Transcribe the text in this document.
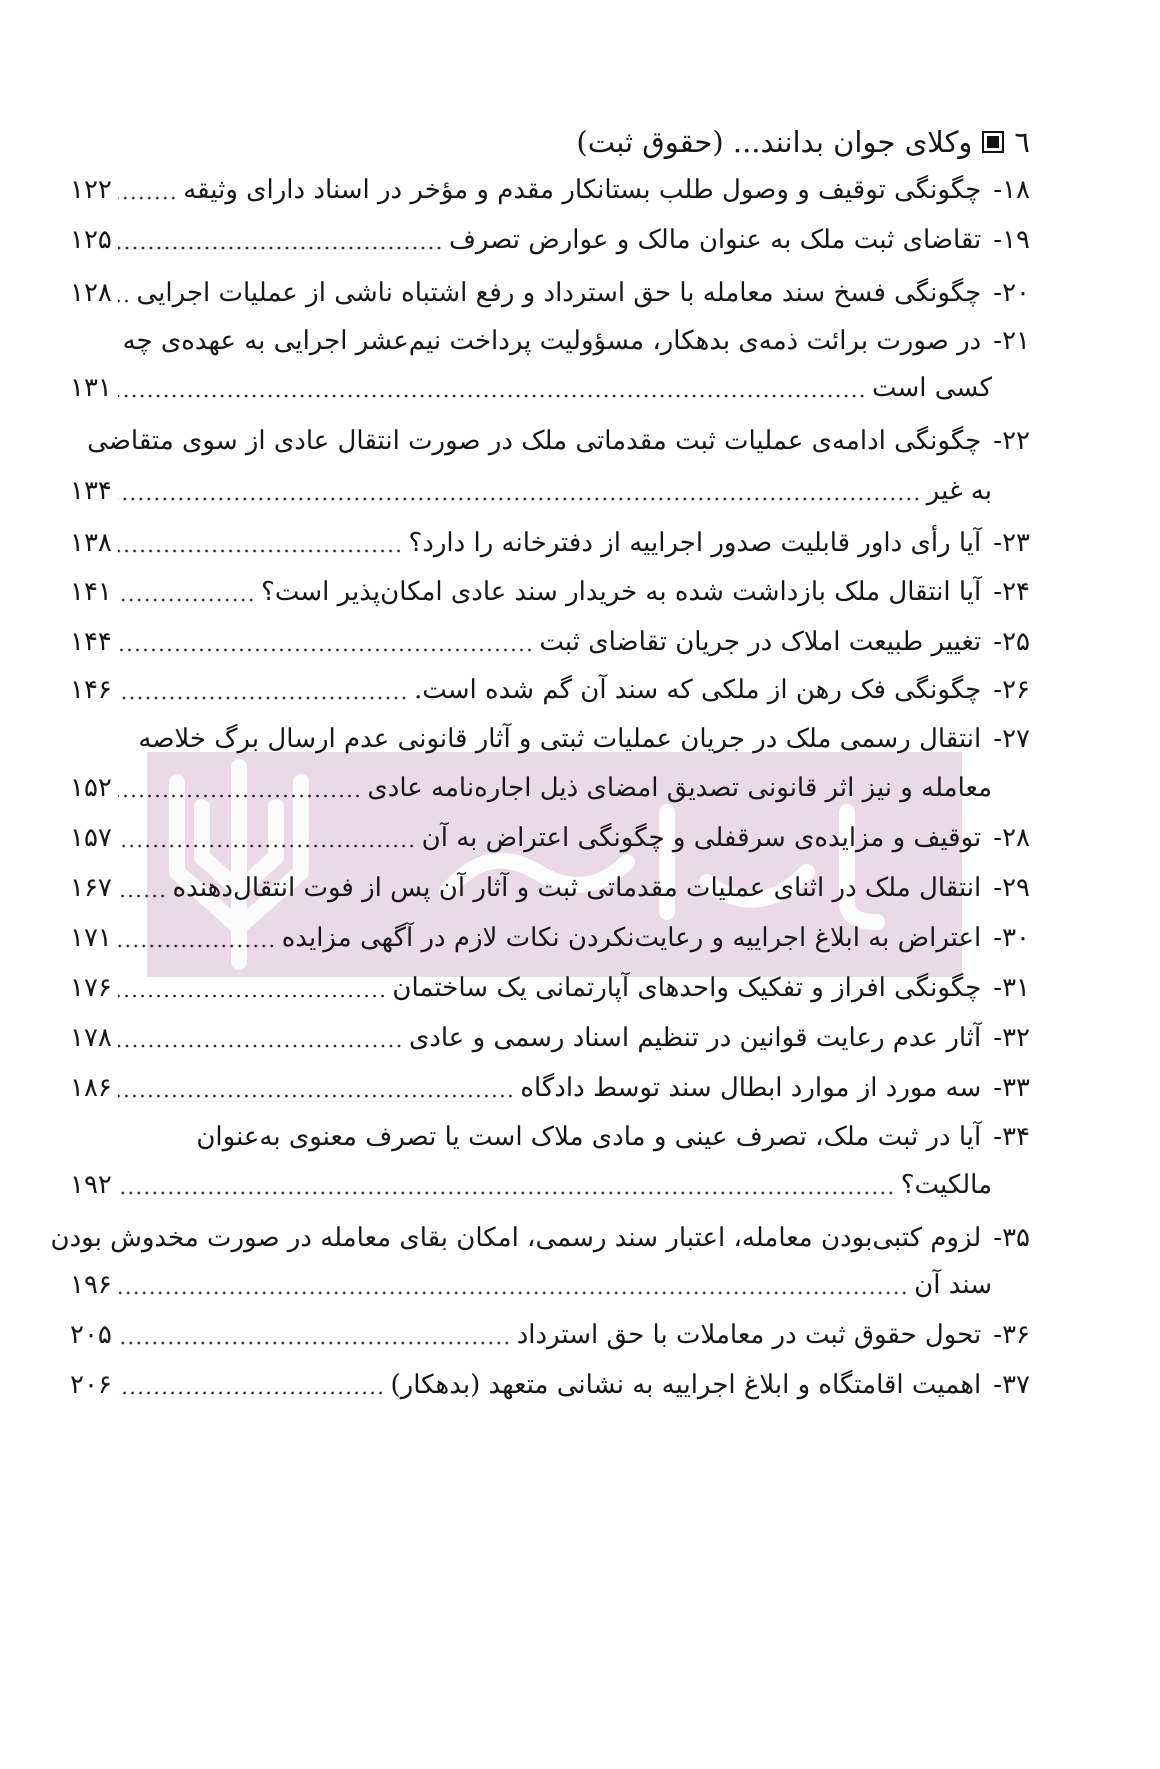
٦
وکلای جوان بدانند... (حقوق ثبت)
۱۸-
چگونگی توقیف و وصول طلب بستانکار مقدم و مؤخر در اسناد دارای وثیقه
۱۲۲
۱۹-
تقاضای ثبت ملک به عنوان مالک و عوارض تصرف
۱۲۵
۲۰-
چگونگی فسخ سند معامله با حق استرداد و رفع اشتباه ناشی از عملیات اجرایی
۱۲۸
۲۱-
در صورت برائت ذمه‌ی بدهکار، مسؤولیت پرداخت نیم‌عشر اجرایی به عهده‌ی چه
کسی است
۱۳۱
۲۲-
چگونگی ادامه‌ی عملیات ثبت مقدماتی ملک در صورت انتقال عادی از سوی متقاضی
به غیر
۱۳۴
۲۳-
آیا رأی داور قابلیت صدور اجراییه از دفترخانه را دارد؟
۱۳۸
۲۴-
آیا انتقال ملک بازداشت شده به خریدار سند عادی امکان‌پذیر است؟
۱۴۱
۲۵-
تغییر طبیعت املاک در جریان تقاضای ثبت
۱۴۴
۲۶-
چگونگی فک رهن از ملکی که سند آن گم شده است.
۱۴۶
۲۷-
انتقال رسمی ملک در جریان عملیات ثبتی و آثار قانونی عدم ارسال برگ خلاصه
معامله و نیز اثر قانونی تصدیق امضای ذیل اجاره‌نامه عادی
۱۵۲
۲۸-
توقیف و مزایده‌ی سرقفلی و چگونگی اعتراض به آن
۱۵۷
۲۹-
انتقال ملک در اثنای عملیات مقدماتی ثبت و آثار آن پس از فوت انتقال‌دهنده
۱۶۷
۳۰-
اعتراض به ابلاغ اجراییه و رعایت‌نکردن نکات لازم در آگهی مزایده
۱۷۱
۳۱-
چگونگی افراز و تفکیک واحدهای آپارتمانی یک ساختمان
۱۷۶
۳۲-
آثار عدم رعایت قوانین در تنظیم اسناد رسمی و عادی
۱۷۸
۳۳-
سه مورد از موارد ابطال سند توسط دادگاه
۱۸۶
۳۴-
آیا در ثبت ملک، تصرف عینی و مادی ملاک است یا تصرف معنوی به‌عنوان
مالکیت؟
۱۹۲
۳۵-
لزوم کتبی‌بودن معامله، اعتبار سند رسمی، امکان بقای معامله در صورت مخدوش بودن
سند آن
۱۹۶
۳۶-
تحول حقوق ثبت در معاملات با حق استرداد
۲۰۵
۳۷-
اهمیت اقامتگاه و ابلاغ اجراییه به نشانی متعهد (بدهکار)
۲۰۶
